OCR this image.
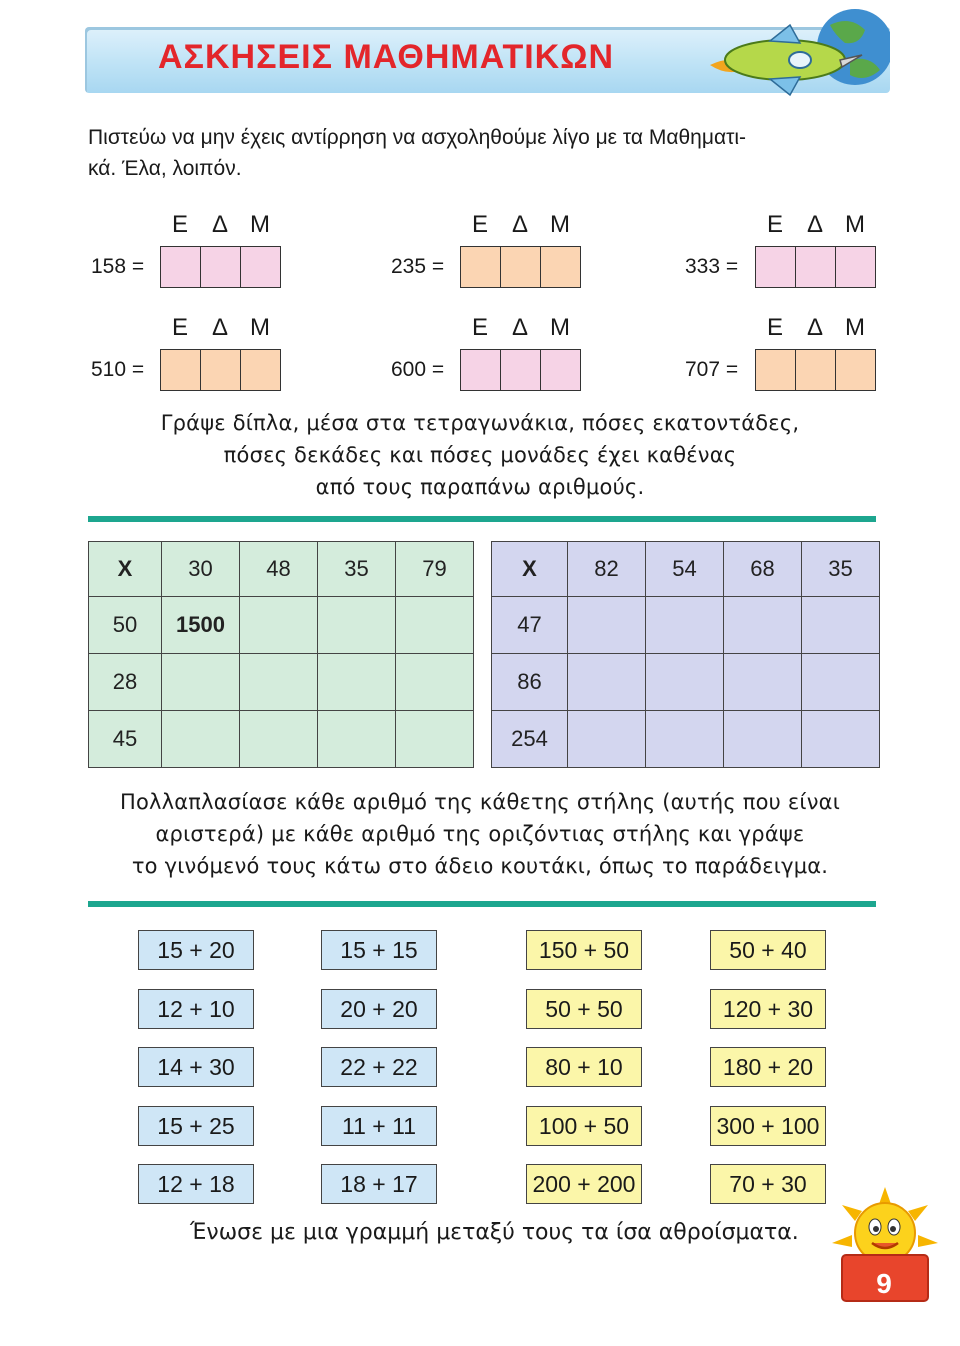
ΑΣΚΗΣΕΙΣ ΜΑΘΗΜΑΤΙΚΩΝ
Πιστεύω να μην έχεις αντίρρηση να ασχοληθούμε λίγο με τα Μαθηματι-
κά. Έλα, λοιπόν.
158 =
Ε Δ Μ
235 =
Ε Δ Μ
333 =
Ε Δ Μ
510 =
Ε Δ Μ
600 =
Ε Δ Μ
707 =
Ε Δ Μ
Γράψε δίπλα, μέσα στα τετραγωνάκια, πόσες εκατοντάδες,
πόσες δεκάδες και πόσες μονάδες έχει καθένας
από τους παραπάνω αριθμούς.
X	30	48	35	79
50	1500			
28				
45				
X	82	54	68	35
47				
86				
254				
Πολλαπλασίασε κάθε αριθμό της κάθετης στήλης (αυτής που είναι
αριστερά) με κάθε αριθμό της οριζόντιας στήλης και γράψε
το γινόμενό τους κάτω στο άδειο κουτάκι, όπως το παράδειγμα.
15 + 20
12 + 10
14 + 30
15 + 25
12 + 18
15 + 15
20 + 20
22 + 22
11 + 11
18 + 17
150 + 50
50 + 50
80 + 10
100 + 50
200 + 200
50 + 40
120 + 30
180 + 20
300 + 100
70 + 30
Ένωσε με μια γραμμή μεταξύ τους τα ίσα αθροίσματα.
9
